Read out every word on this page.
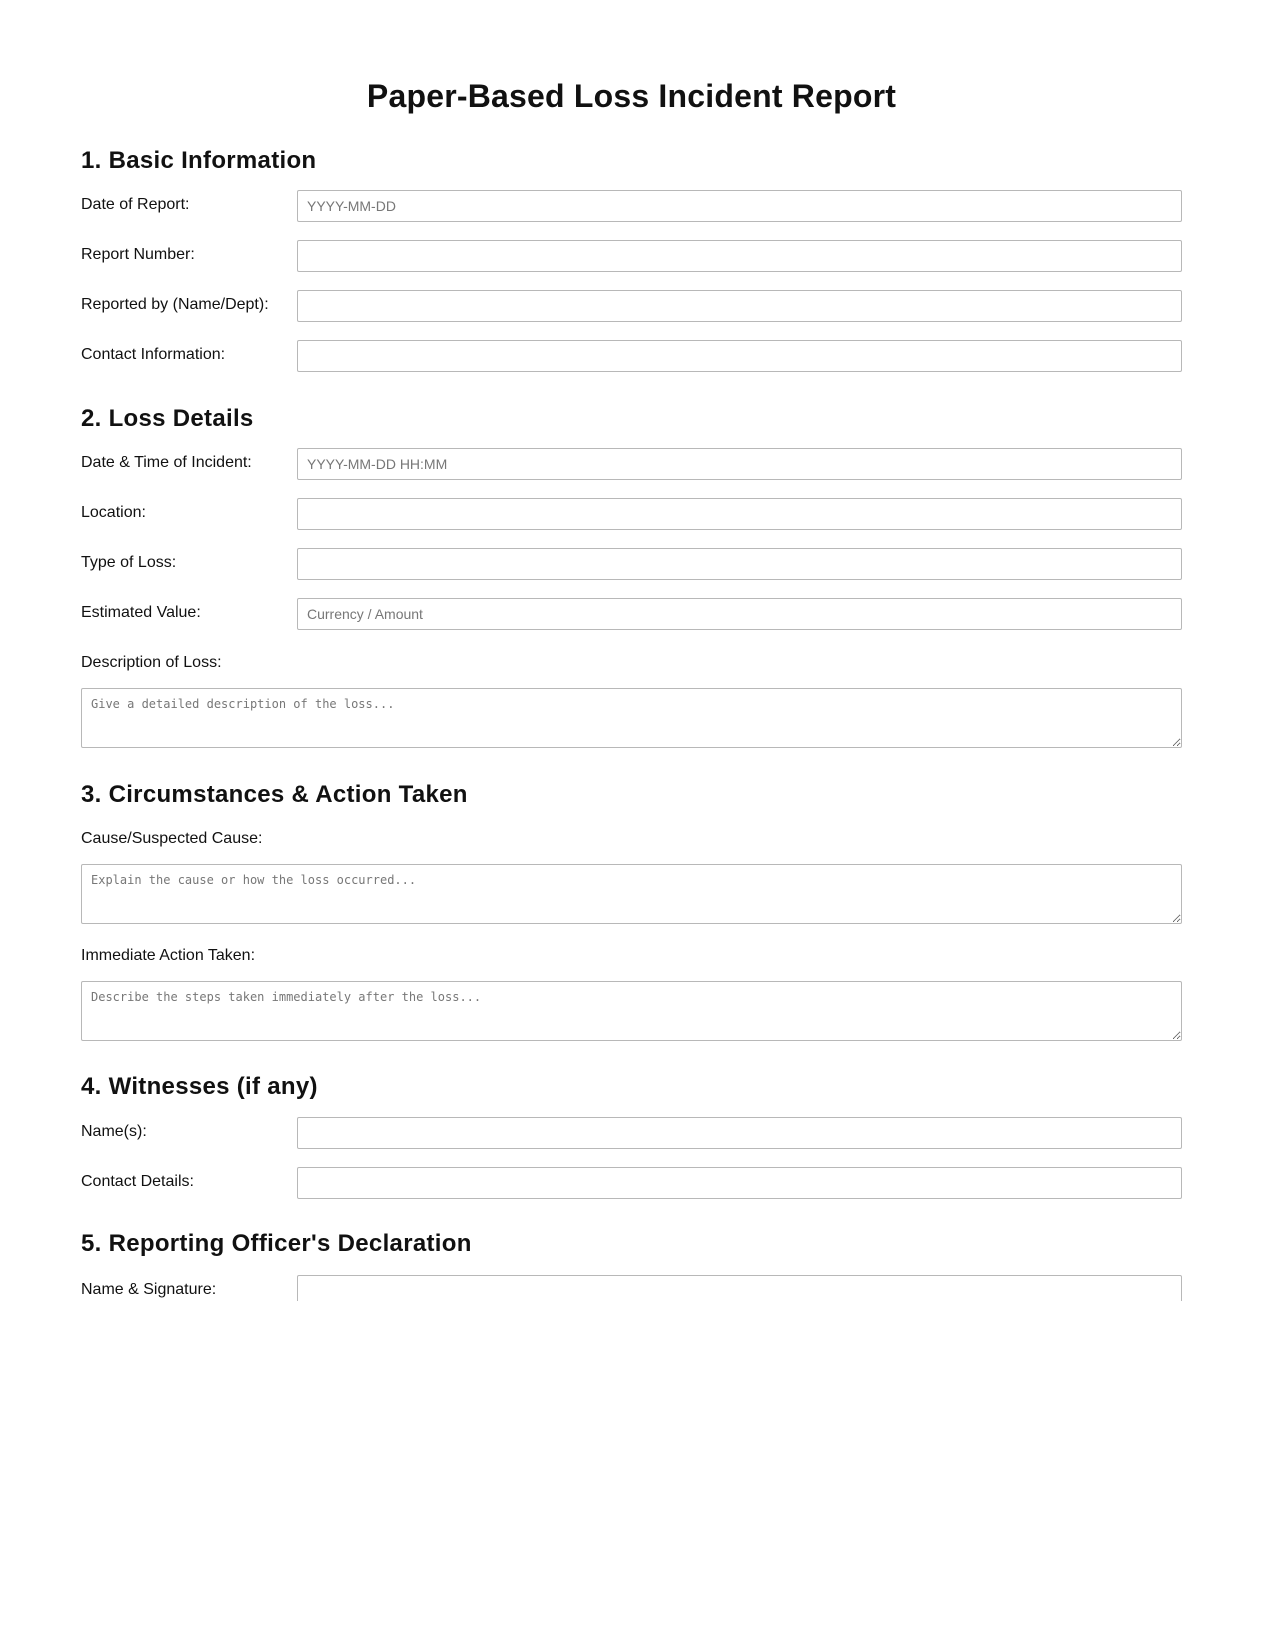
Paper-Based Loss Incident Report
1. Basic Information
Date of Report:
YYYY-MM-DD
Report Number:
Reported by (Name/Dept):
Contact Information:
2. Loss Details
Date & Time of Incident:
YYYY-MM-DD HH:MM
Location:
Type of Loss:
Estimated Value:
Currency / Amount
Description of Loss:
Give a detailed description of the loss...
3. Circumstances & Action Taken
Cause/Suspected Cause:
Explain the cause or how the loss occurred...
Immediate Action Taken:
Describe the steps taken immediately after the loss...
4. Witnesses (if any)
Name(s):
Contact Details:
5. Reporting Officer's Declaration
Name & Signature:
